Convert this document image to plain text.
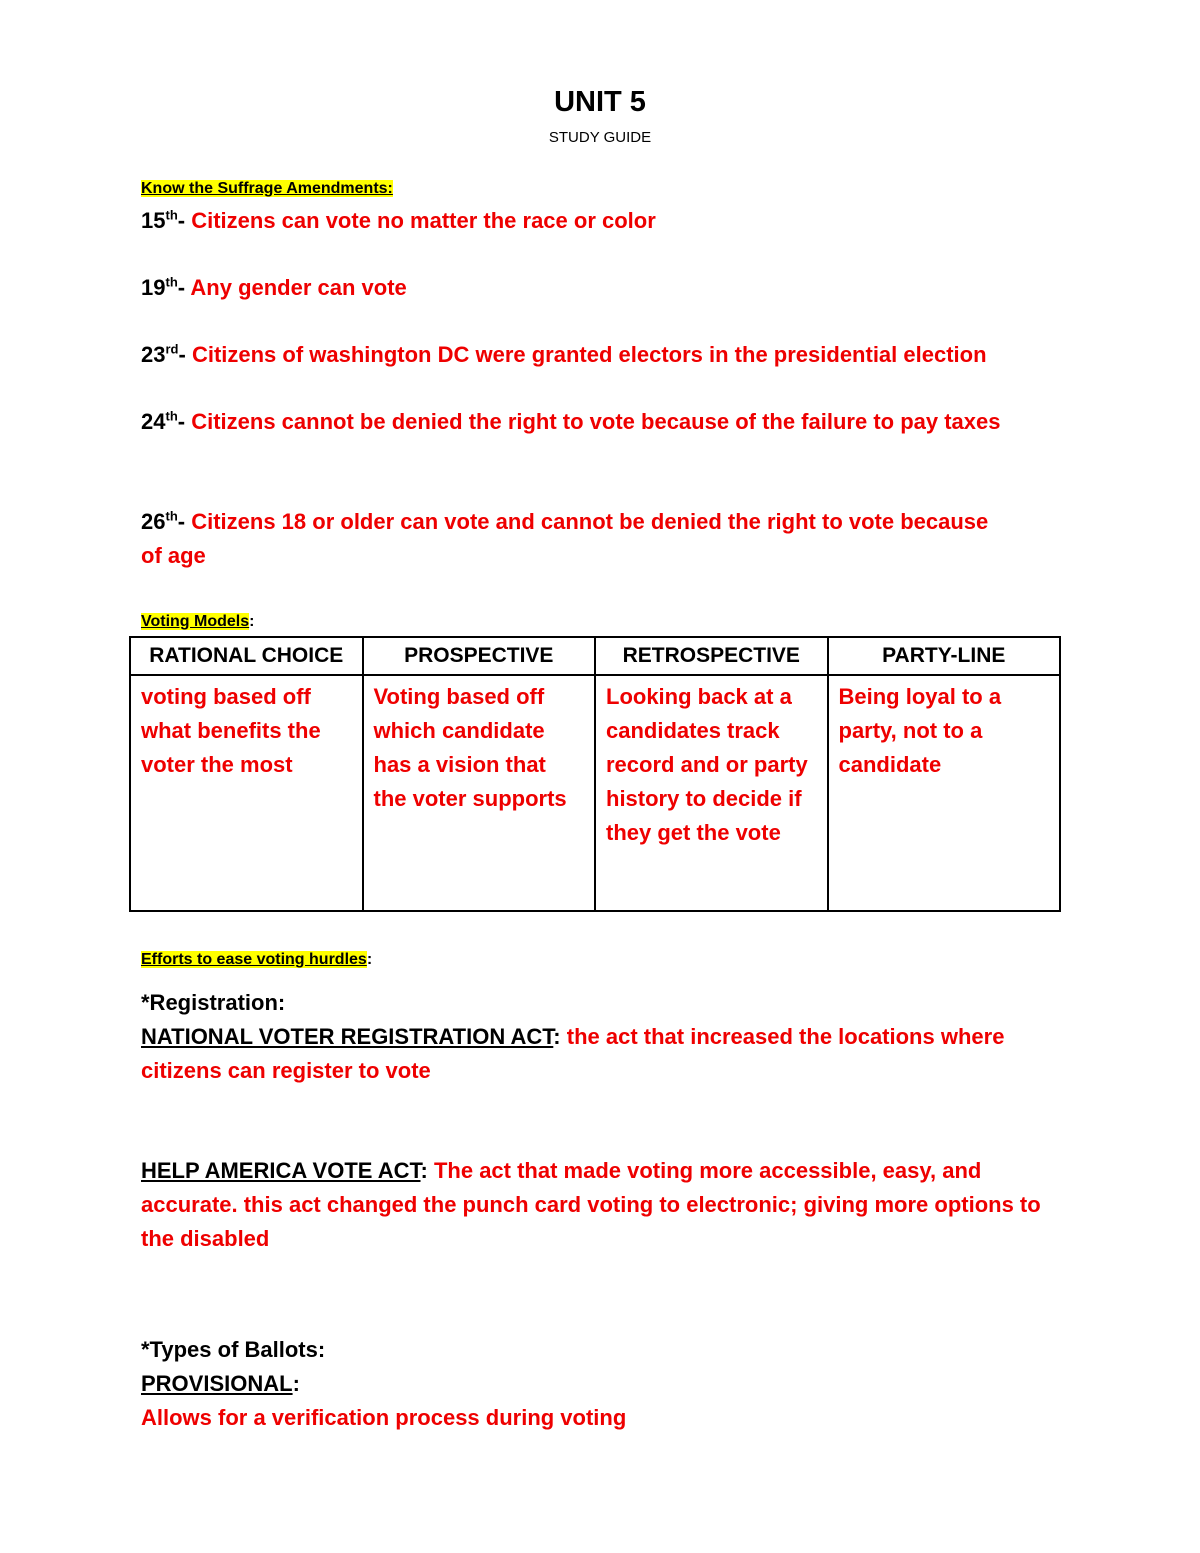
UNIT 5
STUDY GUIDE
Know the Suffrage Amendments:
15th- Citizens can vote no matter the race or color
19th- Any gender can vote
23rd- Citizens of washington DC were granted electors in the presidential election
24th- Citizens cannot be denied the right to vote because of the failure to pay taxes
26th- Citizens 18 or older can vote and cannot be denied the right to vote because of age
Voting Models:
RATIONAL CHOICE	PROSPECTIVE	RETROSPECTIVE	PARTY-LINE
voting based off what benefits the voter the most	Voting based off which candidate has a vision that the voter supports	Looking back at a candidates track record and or party history to decide if they get the vote	Being loyal to a party, not to a candidate
Efforts to ease voting hurdles:
*Registration:
NATIONAL VOTER REGISTRATION ACT: the act that increased the locations where citizens can register to vote
HELP AMERICA VOTE ACT: The act that made voting more accessible, easy, and accurate. this act changed the punch card voting to electronic; giving more options to the disabled
*Types of Ballots:
PROVISIONAL:
Allows for a verification process during voting
